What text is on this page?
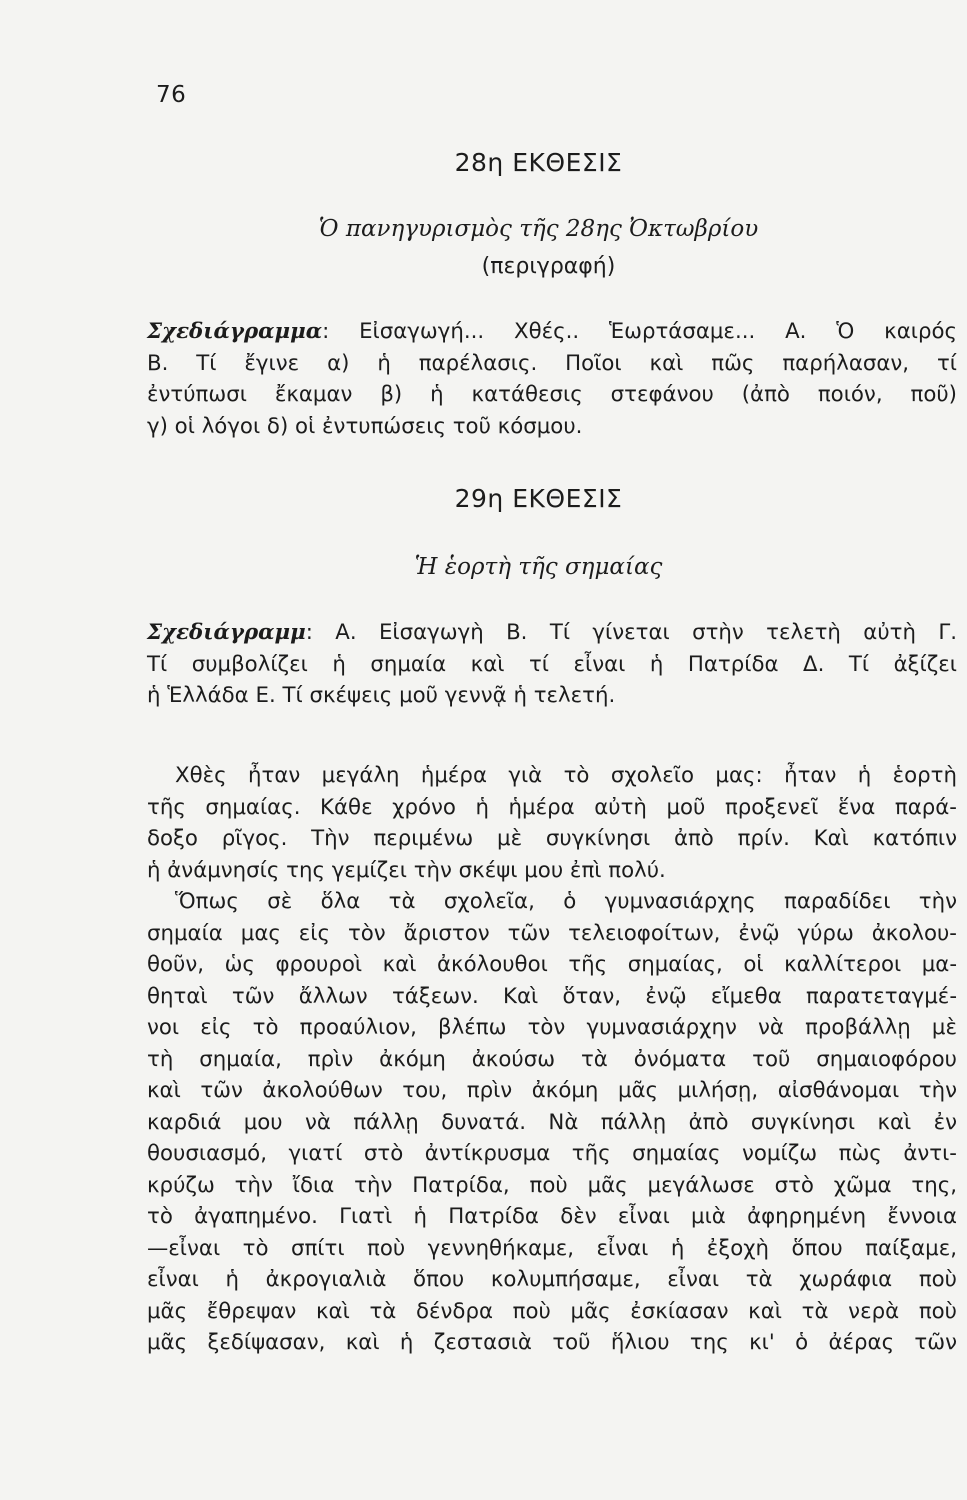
76
28η ΕΚΘΕΣΙΣ
Ὁ πανηγυρισμὸς τῆς 28ης Ὀκτωβρίου
(περιγραφή)
Σχεδιάγραμμα: Εἰσαγωγή... Χθές.. Ἑωρτάσαμε... Α. Ὁ καιρός
Β. Τί ἔγινε α) ἡ παρέλασις. Ποῖοι καὶ πῶς παρήλασαν, τί
ἐντύπωσι ἔκαμαν β) ἡ κατάθεσις στεφάνου (ἀπὸ ποιόν, ποῦ)
γ) οἱ λόγοι δ) οἱ ἐντυπώσεις τοῦ κόσμου.
29η ΕΚΘΕΣΙΣ
Ἡ ἑορτὴ τῆς σημαίας
Σχεδιάγραμμ: Α. Εἰσαγωγὴ Β. Τί γίνεται στὴν τελετὴ αὐτὴ Γ.
Τί συμβολίζει ἡ σημαία καὶ τί εἶναι ἡ Πατρίδα Δ. Τί ἀξίζει
ἡ Ἑλλάδα Ε. Τί σκέψεις μοῦ γεννᾷ ἡ τελετή.
Χθὲς ἦταν μεγάλη ἡμέρα γιὰ τὸ σχολεῖο μας: ἦταν ἡ ἑορτὴ
τῆς σημαίας. Κάθε χρόνο ἡ ἡμέρα αὐτὴ μοῦ προξενεῖ ἕνα παρά-
δοξο ρῖγος. Τὴν περιμένω μὲ συγκίνησι ἀπὸ πρίν. Καὶ κατόπιν
ἡ ἀνάμνησίς της γεμίζει τὴν σκέψι μου ἐπὶ πολύ.
Ὅπως σὲ ὅλα τὰ σχολεῖα, ὁ γυμνασιάρχης παραδίδει τὴν
σημαία μας εἰς τὸν ἄριστον τῶν τελειοφοίτων, ἐνῷ γύρω ἀκολου-
θοῦν, ὡς φρουροὶ καὶ ἀκόλουθοι τῆς σημαίας, οἱ καλλίτεροι μα-
θηταὶ τῶν ἄλλων τάξεων. Καὶ ὅταν, ἐνῷ εἴμεθα παρατεταγμέ-
νοι εἰς τὸ προαύλιον, βλέπω τὸν γυμνασιάρχην νὰ προβάλλῃ μὲ
τὴ σημαία, πρὶν ἀκόμη ἀκούσω τὰ ὀνόματα τοῦ σημαιοφόρου
καὶ τῶν ἀκολούθων του, πρὶν ἀκόμη μᾶς μιλήσῃ, αἰσθάνομαι τὴν
καρδιά μου νὰ πάλλῃ δυνατά. Νὰ πάλλῃ ἀπὸ συγκίνησι καὶ ἐν
θουσιασμό, γιατί στὸ ἀντίκρυσμα τῆς σημαίας νομίζω πὼς ἀντι-
κρύζω τὴν ἴδια τὴν Πατρίδα, ποὺ μᾶς μεγάλωσε στὸ χῶμα της,
τὸ ἀγαπημένο. Γιατὶ ἡ Πατρίδα δὲν εἶναι μιὰ ἀφηρημένη ἔννοια
—εἶναι τὸ σπίτι ποὺ γεννηθήκαμε, εἶναι ἡ ἐξοχὴ ὅπου παίξαμε,
εἶναι ἡ ἀκρογιαλιὰ ὅπου κολυμπήσαμε, εἶναι τὰ χωράφια ποὺ
μᾶς ἔθρεψαν καὶ τὰ δένδρα ποὺ μᾶς ἐσκίασαν καὶ τὰ νερὰ ποὺ
μᾶς ξεδίψασαν, καὶ ἡ ζεστασιὰ τοῦ ἥλιου της κι' ὁ ἀέρας τῶν
